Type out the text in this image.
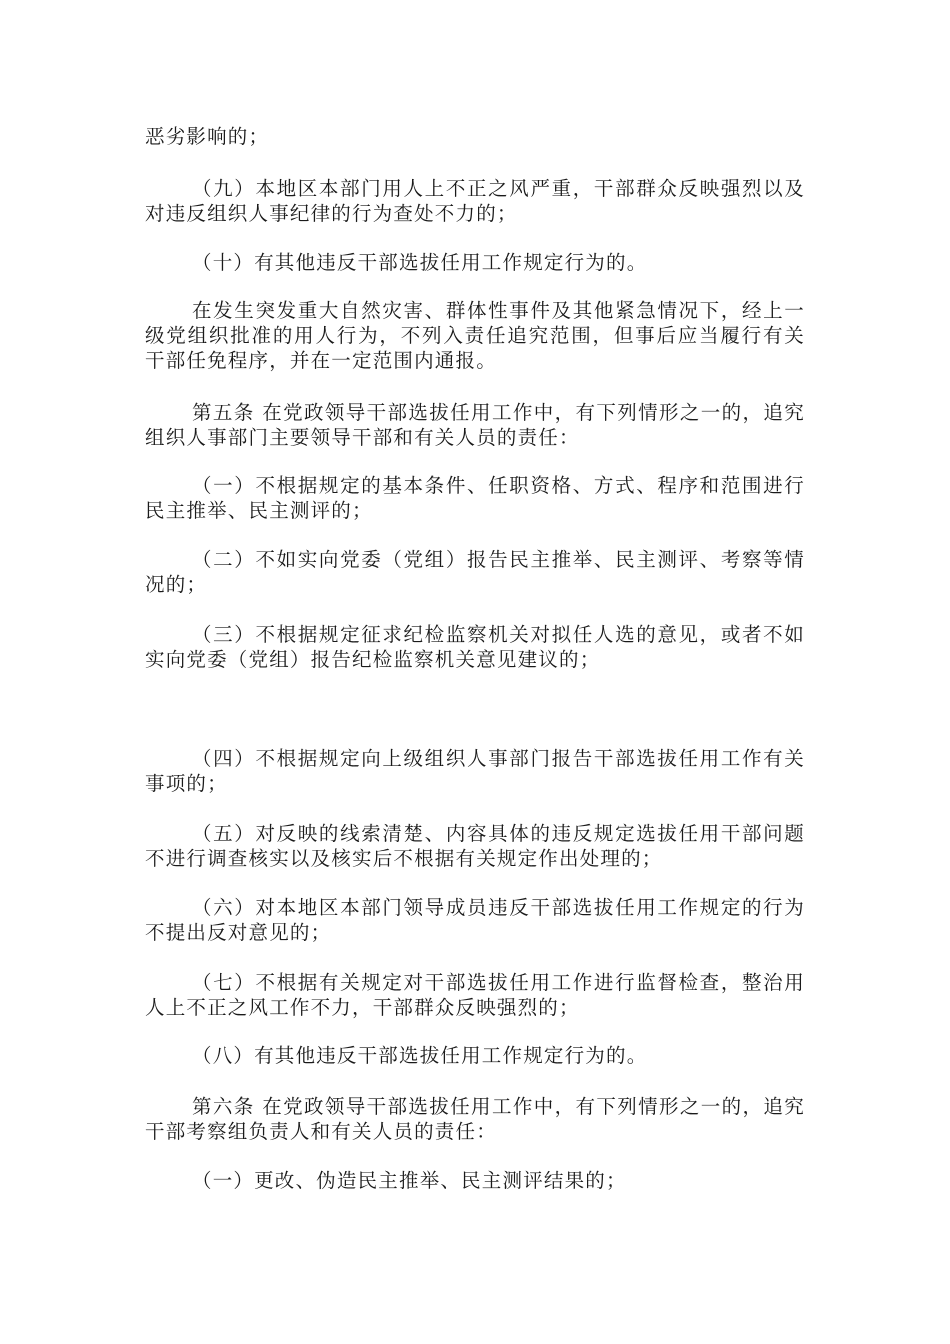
恶劣影响的；

（九）本地区本部门用人上不正之风严重，干部群众反映强烈以及对违反组织人事纪律的行为查处不力的；

（十）有其他违反干部选拔任用工作规定行为的。

在发生突发重大自然灾害、群体性事件及其他紧急情况下，经上一级党组织批准的用人行为，不列入责任追究范围，但事后应当履行有关干部任免程序，并在一定范围内通报。

第五条 在党政领导干部选拔任用工作中，有下列情形之一的，追究组织人事部门主要领导干部和有关人员的责任：

（一）不根据规定的基本条件、任职资格、方式、程序和范围进行民主推举、民主测评的；

（二）不如实向党委（党组）报告民主推举、民主测评、考察等情况的；

（三）不根据规定征求纪检监察机关对拟任人选的意见，或者不如实向党委（党组）报告纪检监察机关意见建议的；

（四）不根据规定向上级组织人事部门报告干部选拔任用工作有关事项的；

（五）对反映的线索清楚、内容具体的违反规定选拔任用干部问题不进行调查核实以及核实后不根据有关规定作出处理的；

（六）对本地区本部门领导成员违反干部选拔任用工作规定的行为不提出反对意见的；

（七）不根据有关规定对干部选拔任用工作进行监督检查，整治用人上不正之风工作不力，干部群众反映强烈的；

（八）有其他违反干部选拔任用工作规定行为的。

第六条 在党政领导干部选拔任用工作中，有下列情形之一的，追究干部考察组负责人和有关人员的责任：

（一）更改、伪造民主推举、民主测评结果的；
